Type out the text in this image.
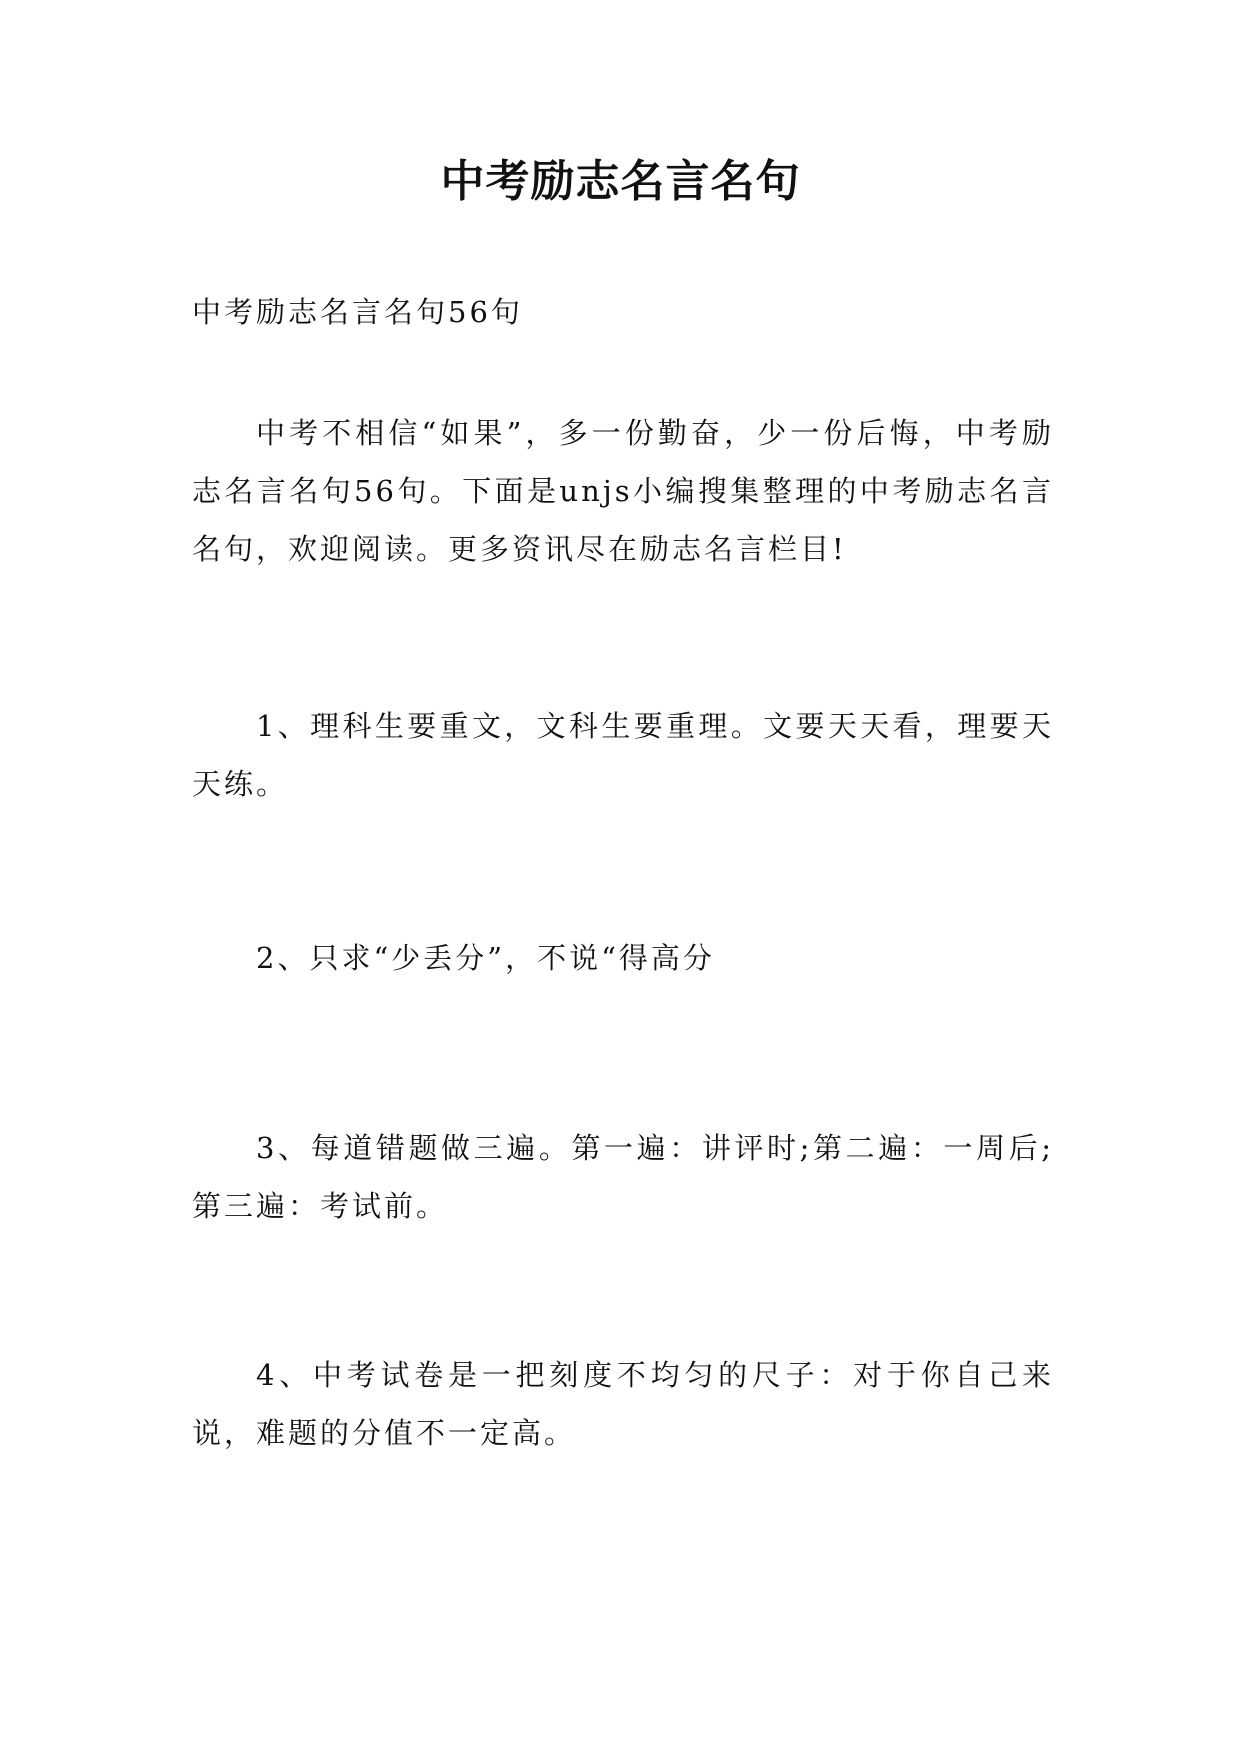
中考励志名言名句

中考励志名言名句56句

中考不相信“如果”，多一份勤奋，少一份后悔，中考励志名言名句56句。下面是unjs小编搜集整理的中考励志名言名句，欢迎阅读。更多资讯尽在励志名言栏目!

1、理科生要重文，文科生要重理。文要天天看，理要天天练。

2、只求“少丢分”，不说“得高分

3、每道错题做三遍。第一遍：讲评时;第二遍：一周后;第三遍：考试前。

4、中考试卷是一把刻度不均匀的尺子：对于你自己来说，难题的分值不一定高。
